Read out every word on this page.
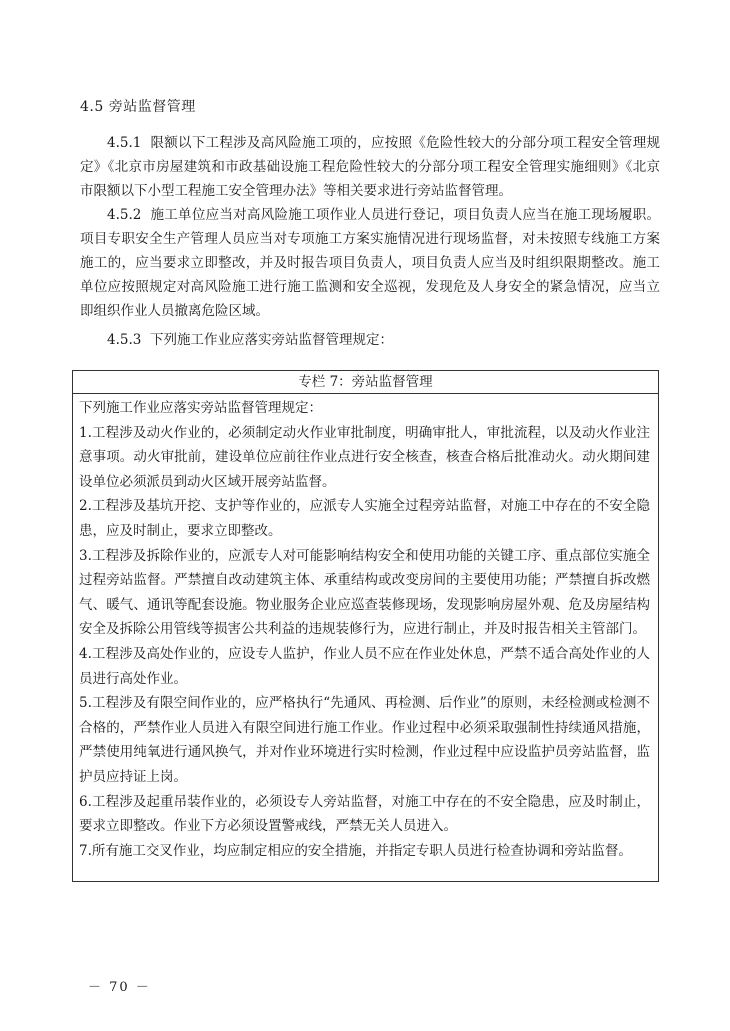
4.5 旁站监督管理

4.5.1 限额以下工程涉及高风险施工项的，应按照《危险性较大的分部分项工程安全管理规定》《北京市房屋建筑和市政基础设施工程危险性较大的分部分项工程安全管理实施细则》《北京市限额以下小型工程施工安全管理办法》等相关要求进行旁站监督管理。

4.5.2 施工单位应当对高风险施工项作业人员进行登记，项目负责人应当在施工现场履职。项目专职安全生产管理人员应当对专项施工方案实施情况进行现场监督，对未按照专线施工方案施工的，应当要求立即整改，并及时报告项目负责人，项目负责人应当及时组织限期整改。施工单位应按照规定对高风险施工进行施工监测和安全巡视，发现危及人身安全的紧急情况，应当立即组织作业人员撤离危险区域。

4.5.3 下列施工作业应落实旁站监督管理规定：

专栏 7：旁站监督管理

下列施工作业应落实旁站监督管理规定：

1.工程涉及动火作业的，必须制定动火作业审批制度，明确审批人，审批流程，以及动火作业注意事项。动火审批前，建设单位应前往作业点进行安全核查，核查合格后批准动火。动火期间建设单位必须派员到动火区域开展旁站监督。

2.工程涉及基坑开挖、支护等作业的，应派专人实施全过程旁站监督，对施工中存在的不安全隐患，应及时制止，要求立即整改。

3.工程涉及拆除作业的，应派专人对可能影响结构安全和使用功能的关键工序、重点部位实施全过程旁站监督。严禁擅自改动建筑主体、承重结构或改变房间的主要使用功能；严禁擅自拆改燃气、暖气、通讯等配套设施。物业服务企业应巡查装修现场，发现影响房屋外观、危及房屋结构安全及拆除公用管线等损害公共利益的违规装修行为，应进行制止，并及时报告相关主管部门。

4.工程涉及高处作业的，应设专人监护，作业人员不应在作业处休息，严禁不适合高处作业的人员进行高处作业。

5.工程涉及有限空间作业的，应严格执行“先通风、再检测、后作业”的原则，未经检测或检测不合格的，严禁作业人员进入有限空间进行施工作业。作业过程中必须采取强制性持续通风措施，严禁使用纯氧进行通风换气，并对作业环境进行实时检测，作业过程中应设监护员旁站监督，监护员应持证上岗。

6.工程涉及起重吊装作业的，必须设专人旁站监督，对施工中存在的不安全隐患，应及时制止，要求立即整改。作业下方必须设置警戒线，严禁无关人员进入。

7.所有施工交叉作业，均应制定相应的安全措施，并指定专职人员进行检查协调和旁站监督。

－ 70 －
